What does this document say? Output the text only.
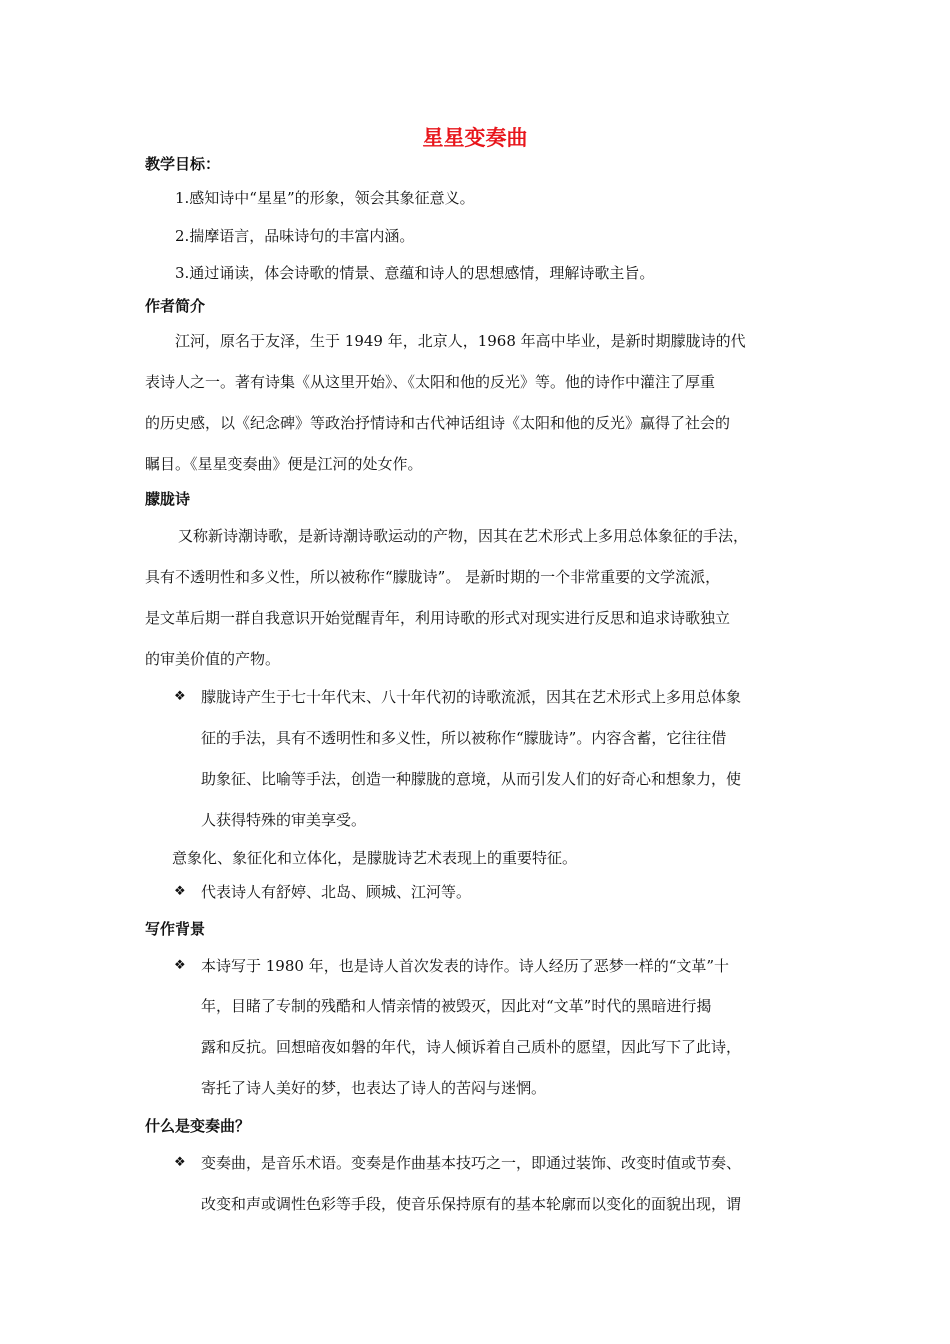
星星变奏曲
教学目标：
1.感知诗中“星星”的形象，领会其象征意义。
2.揣摩语言，品味诗句的丰富内涵。
3.通过诵读，体会诗歌的情景、意蕴和诗人的思想感情，理解诗歌主旨。
作者简介
江河，原名于友泽，生于 1949 年，北京人，1968 年高中毕业，是新时期朦胧诗的代
表诗人之一。著有诗集《从这里开始》、《太阳和他的反光》等。他的诗作中灌注了厚重
的历史感，以《纪念碑》等政治抒情诗和古代神话组诗《太阳和他的反光》赢得了社会的
瞩目。《星星变奏曲》便是江河的处女作。
朦胧诗
又称新诗潮诗歌，是新诗潮诗歌运动的产物，因其在艺术形式上多用总体象征的手法，
具有不透明性和多义性，所以被称作“朦胧诗”。 是新时期的一个非常重要的文学流派，
是文革后期一群自我意识开始觉醒青年，利用诗歌的形式对现实进行反思和追求诗歌独立
的审美价值的产物。
❖ 朦胧诗产生于七十年代末、八十年代初的诗歌流派，因其在艺术形式上多用总体象
征的手法，具有不透明性和多义性，所以被称作“朦胧诗”。内容含蓄，它往往借
助象征、比喻等手法，创造一种朦胧的意境，从而引发人们的好奇心和想象力，使
人获得特殊的审美享受。
意象化、象征化和立体化，是朦胧诗艺术表现上的重要特征。
❖ 代表诗人有舒婷、北岛、顾城、江河等。
写作背景
❖ 本诗写于 1980 年，也是诗人首次发表的诗作。诗人经历了恶梦一样的“文革”十
年，目睹了专制的残酷和人情亲情的被毁灭，因此对“文革”时代的黑暗进行揭
露和反抗。回想暗夜如磐的年代，诗人倾诉着自己质朴的愿望，因此写下了此诗，
寄托了诗人美好的梦，也表达了诗人的苦闷与迷惘。
什么是变奏曲？
❖ 变奏曲，是音乐术语。变奏是作曲基本技巧之一，即通过装饰、改变时值或节奏、
改变和声或调性色彩等手段，使音乐保持原有的基本轮廓而以变化的面貌出现，谓
